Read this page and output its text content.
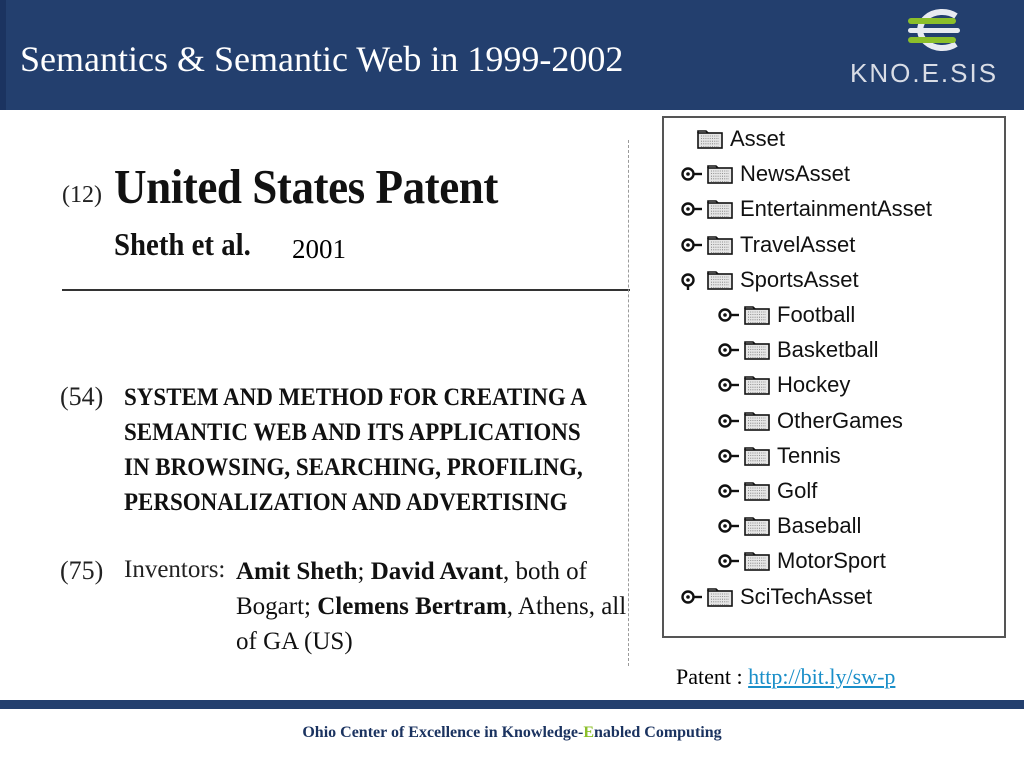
Semantics & Semantic Web in 1999-2002	KNO.E.SIS
(12) United States Patent
Sheth et al. 2001
(54) SYSTEM AND METHOD FOR CREATING A
SEMANTIC WEB AND ITS APPLICATIONS
IN BROWSING, SEARCHING, PROFILING,
PERSONALIZATION AND ADVERTISING
(75) Inventors: Amit Sheth; David Avant, both of
Bogart; Clemens Bertram, Athens, all
of GA (US)
Asset
NewsAsset
EntertainmentAsset
TravelAsset
SportsAsset
Football
Basketball
Hockey
OtherGames
Tennis
Golf
Baseball
MotorSport
SciTechAsset
Patent : http://bit.ly/sw-p
Ohio Center of Excellence in Knowledge-Enabled Computing
